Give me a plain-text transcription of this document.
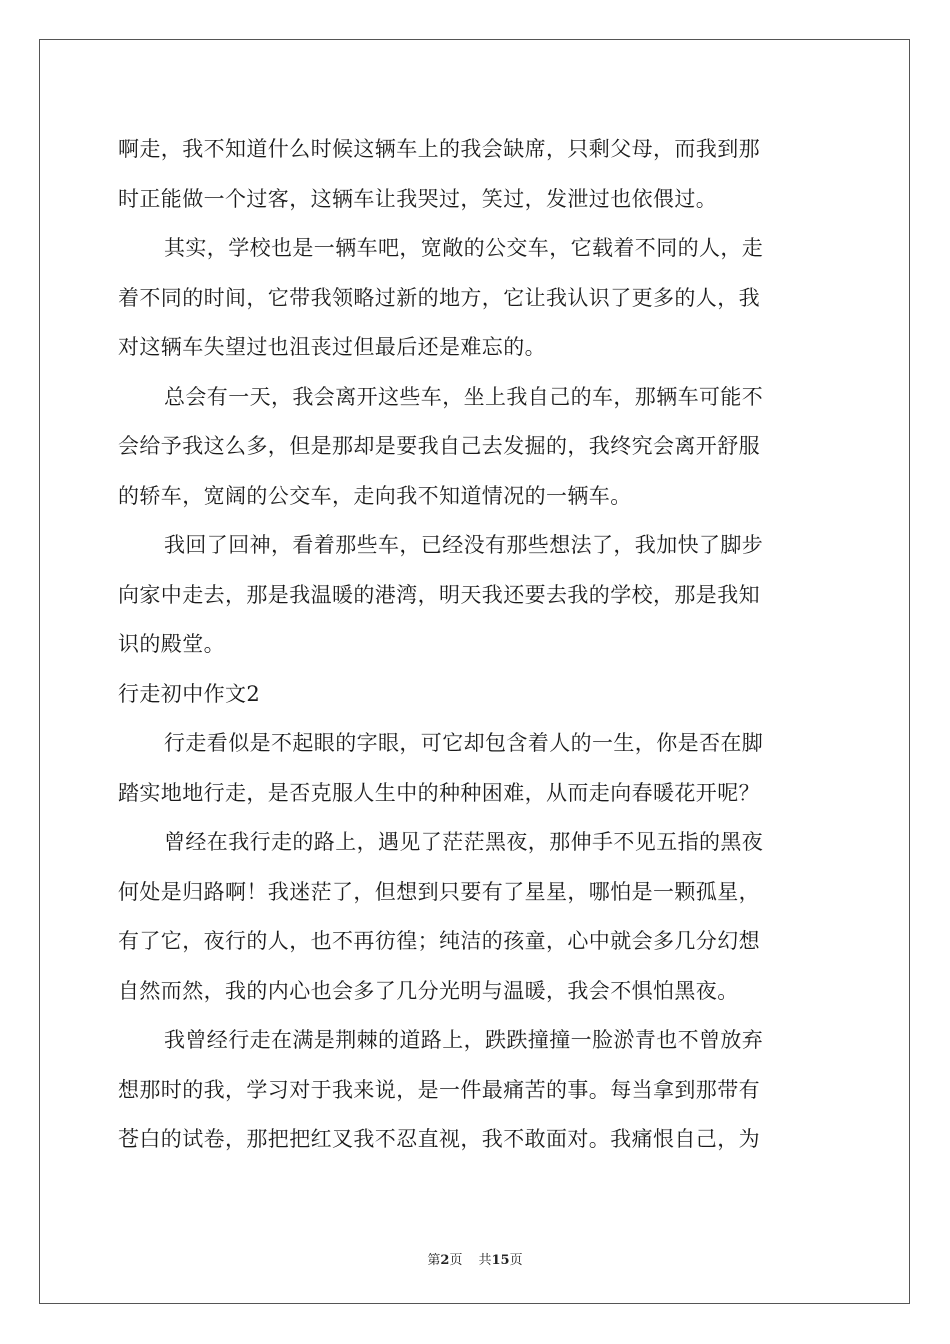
啊走，我不知道什么时候这辆车上的我会缺席，只剩父母，而我到那
时正能做一个过客，这辆车让我哭过，笑过，发泄过也依偎过。
其实，学校也是一辆车吧，宽敞的公交车，它载着不同的人，走
着不同的时间，它带我领略过新的地方，它让我认识了更多的人，我
对这辆车失望过也沮丧过但最后还是难忘的。
总会有一天，我会离开这些车，坐上我自己的车，那辆车可能不
会给予我这么多，但是那却是要我自己去发掘的，我终究会离开舒服
的轿车，宽阔的公交车，走向我不知道情况的一辆车。
我回了回神，看着那些车，已经没有那些想法了，我加快了脚步
向家中走去，那是我温暖的港湾，明天我还要去我的学校，那是我知
识的殿堂。
行走初中作文2
行走看似是不起眼的字眼，可它却包含着人的一生，你是否在脚
踏实地地行走，是否克服人生中的种种困难，从而走向春暖花开呢？
曾经在我行走的路上，遇见了茫茫黑夜，那伸手不见五指的黑夜
何处是归路啊！我迷茫了，但想到只要有了星星，哪怕是一颗孤星，
有了它，夜行的人，也不再彷徨；纯洁的孩童，心中就会多几分幻想
自然而然，我的内心也会多了几分光明与温暖，我会不惧怕黑夜。
我曾经行走在满是荆棘的道路上，跌跌撞撞一脸淤青也不曾放弃
想那时的我，学习对于我来说，是一件最痛苦的事。每当拿到那带有
苍白的试卷，那把把红叉我不忍直视，我不敢面对。我痛恨自己，为
第2页 共15页
